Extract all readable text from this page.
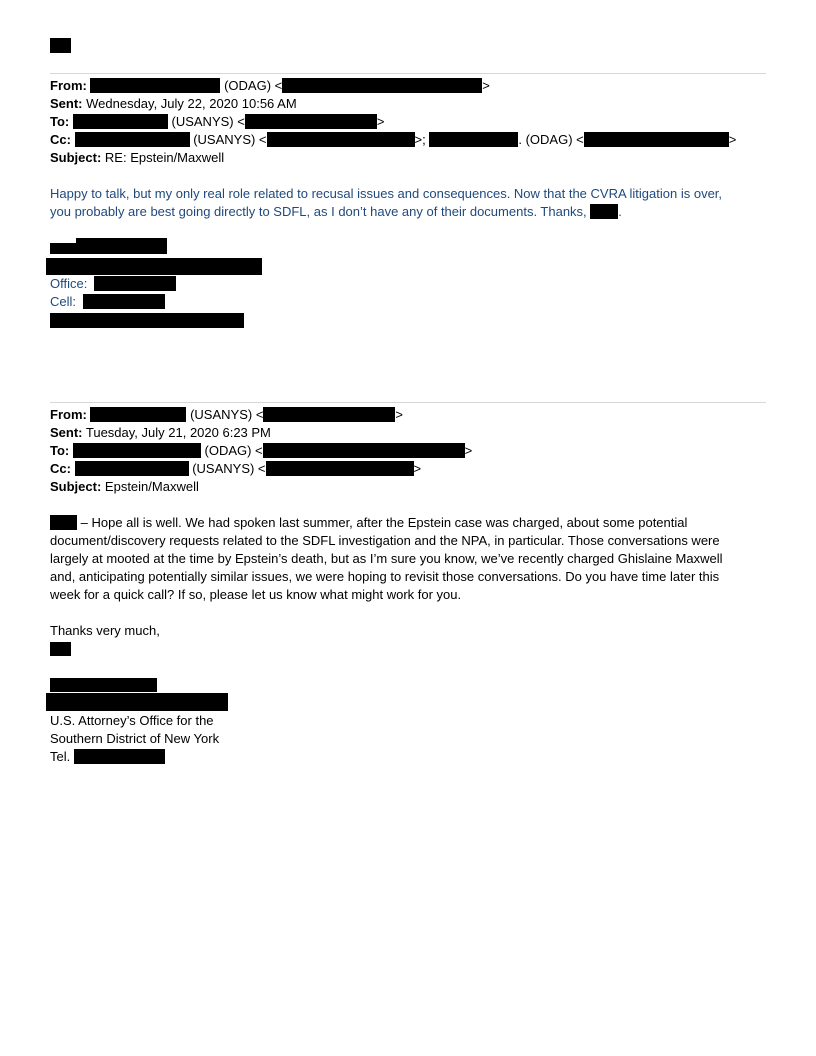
From:	(ODAG) <	>
Sent: Wednesday, July 22, 2020 10:56 AM
To:	(USANYS) <	>
Cc:	(USANYS) <	>;	. (ODAG) <	>
Subject: RE: Epstein/Maxwell
Happy to talk, but my only real role related to recusal issues and consequences. Now that the CVRA litigation is over,
you probably are best going directly to SDFL, as I don’t have any of their documents. Thanks, .
Office:
Cell:
From:	(USANYS) <	>
Sent: Tuesday, July 21, 2020 6:23 PM
To:	(ODAG) <	>
Cc:	(USANYS) <	>
Subject: Epstein/Maxwell
– Hope all is well. We had spoken last summer, after the Epstein case was charged, about some potential
document/discovery requests related to the SDFL investigation and the NPA, in particular. Those conversations were
largely at mooted at the time by Epstein’s death, but as I’m sure you know, we’ve recently charged Ghislaine Maxwell
and, anticipating potentially similar issues, we were hoping to revisit those conversations. Do you have time later this
week for a quick call? If so, please let us know what might work for you.
Thanks very much,
U.S. Attorney’s Office for the
Southern District of New York
Tel.
